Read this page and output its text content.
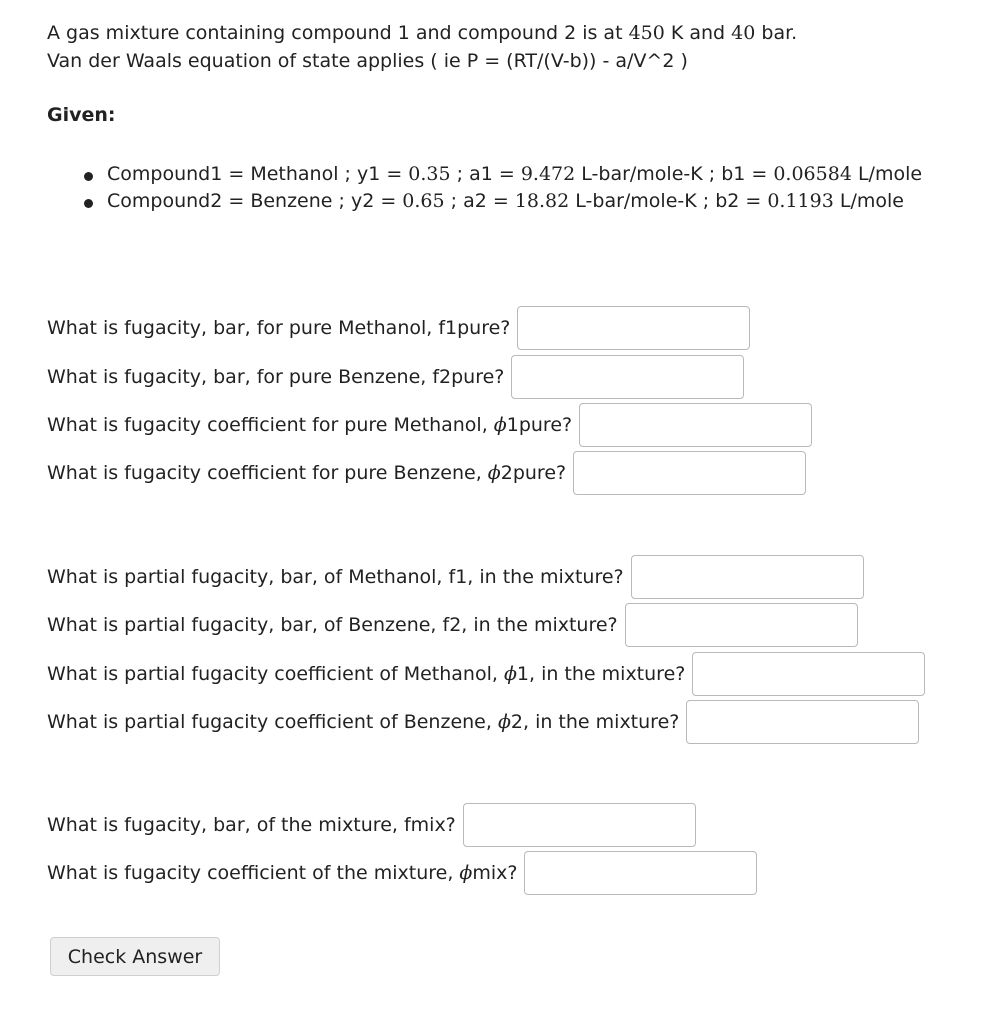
A gas mixture containing compound 1 and compound 2 is at 450 K and 40 bar.
Van der Waals equation of state applies ( ie P = (RT/(V-b)) - a/V^2 )
Given:
Compound1 = Methanol ; y1 = 0.35 ; a1 = 9.472 L-bar/mole-K ; b1 = 0.06584 L/mole
Compound2 = Benzene ; y2 = 0.65 ; a2 = 18.82 L-bar/mole-K ; b2 = 0.1193 L/mole
What is fugacity, bar, for pure Methanol, f1pure?
What is fugacity, bar, for pure Benzene, f2pure?
What is fugacity coefficient for pure Methanol, ϕ1pure?
What is fugacity coefficient for pure Benzene, ϕ2pure?
What is partial fugacity, bar, of Methanol, f1, in the mixture?
What is partial fugacity, bar, of Benzene, f2, in the mixture?
What is partial fugacity coefficient of Methanol, ϕ1, in the mixture?
What is partial fugacity coefficient of Benzene, ϕ2, in the mixture?
What is fugacity, bar, of the mixture, fmix?
What is fugacity coefficient of the mixture, ϕmix?
Check Answer
